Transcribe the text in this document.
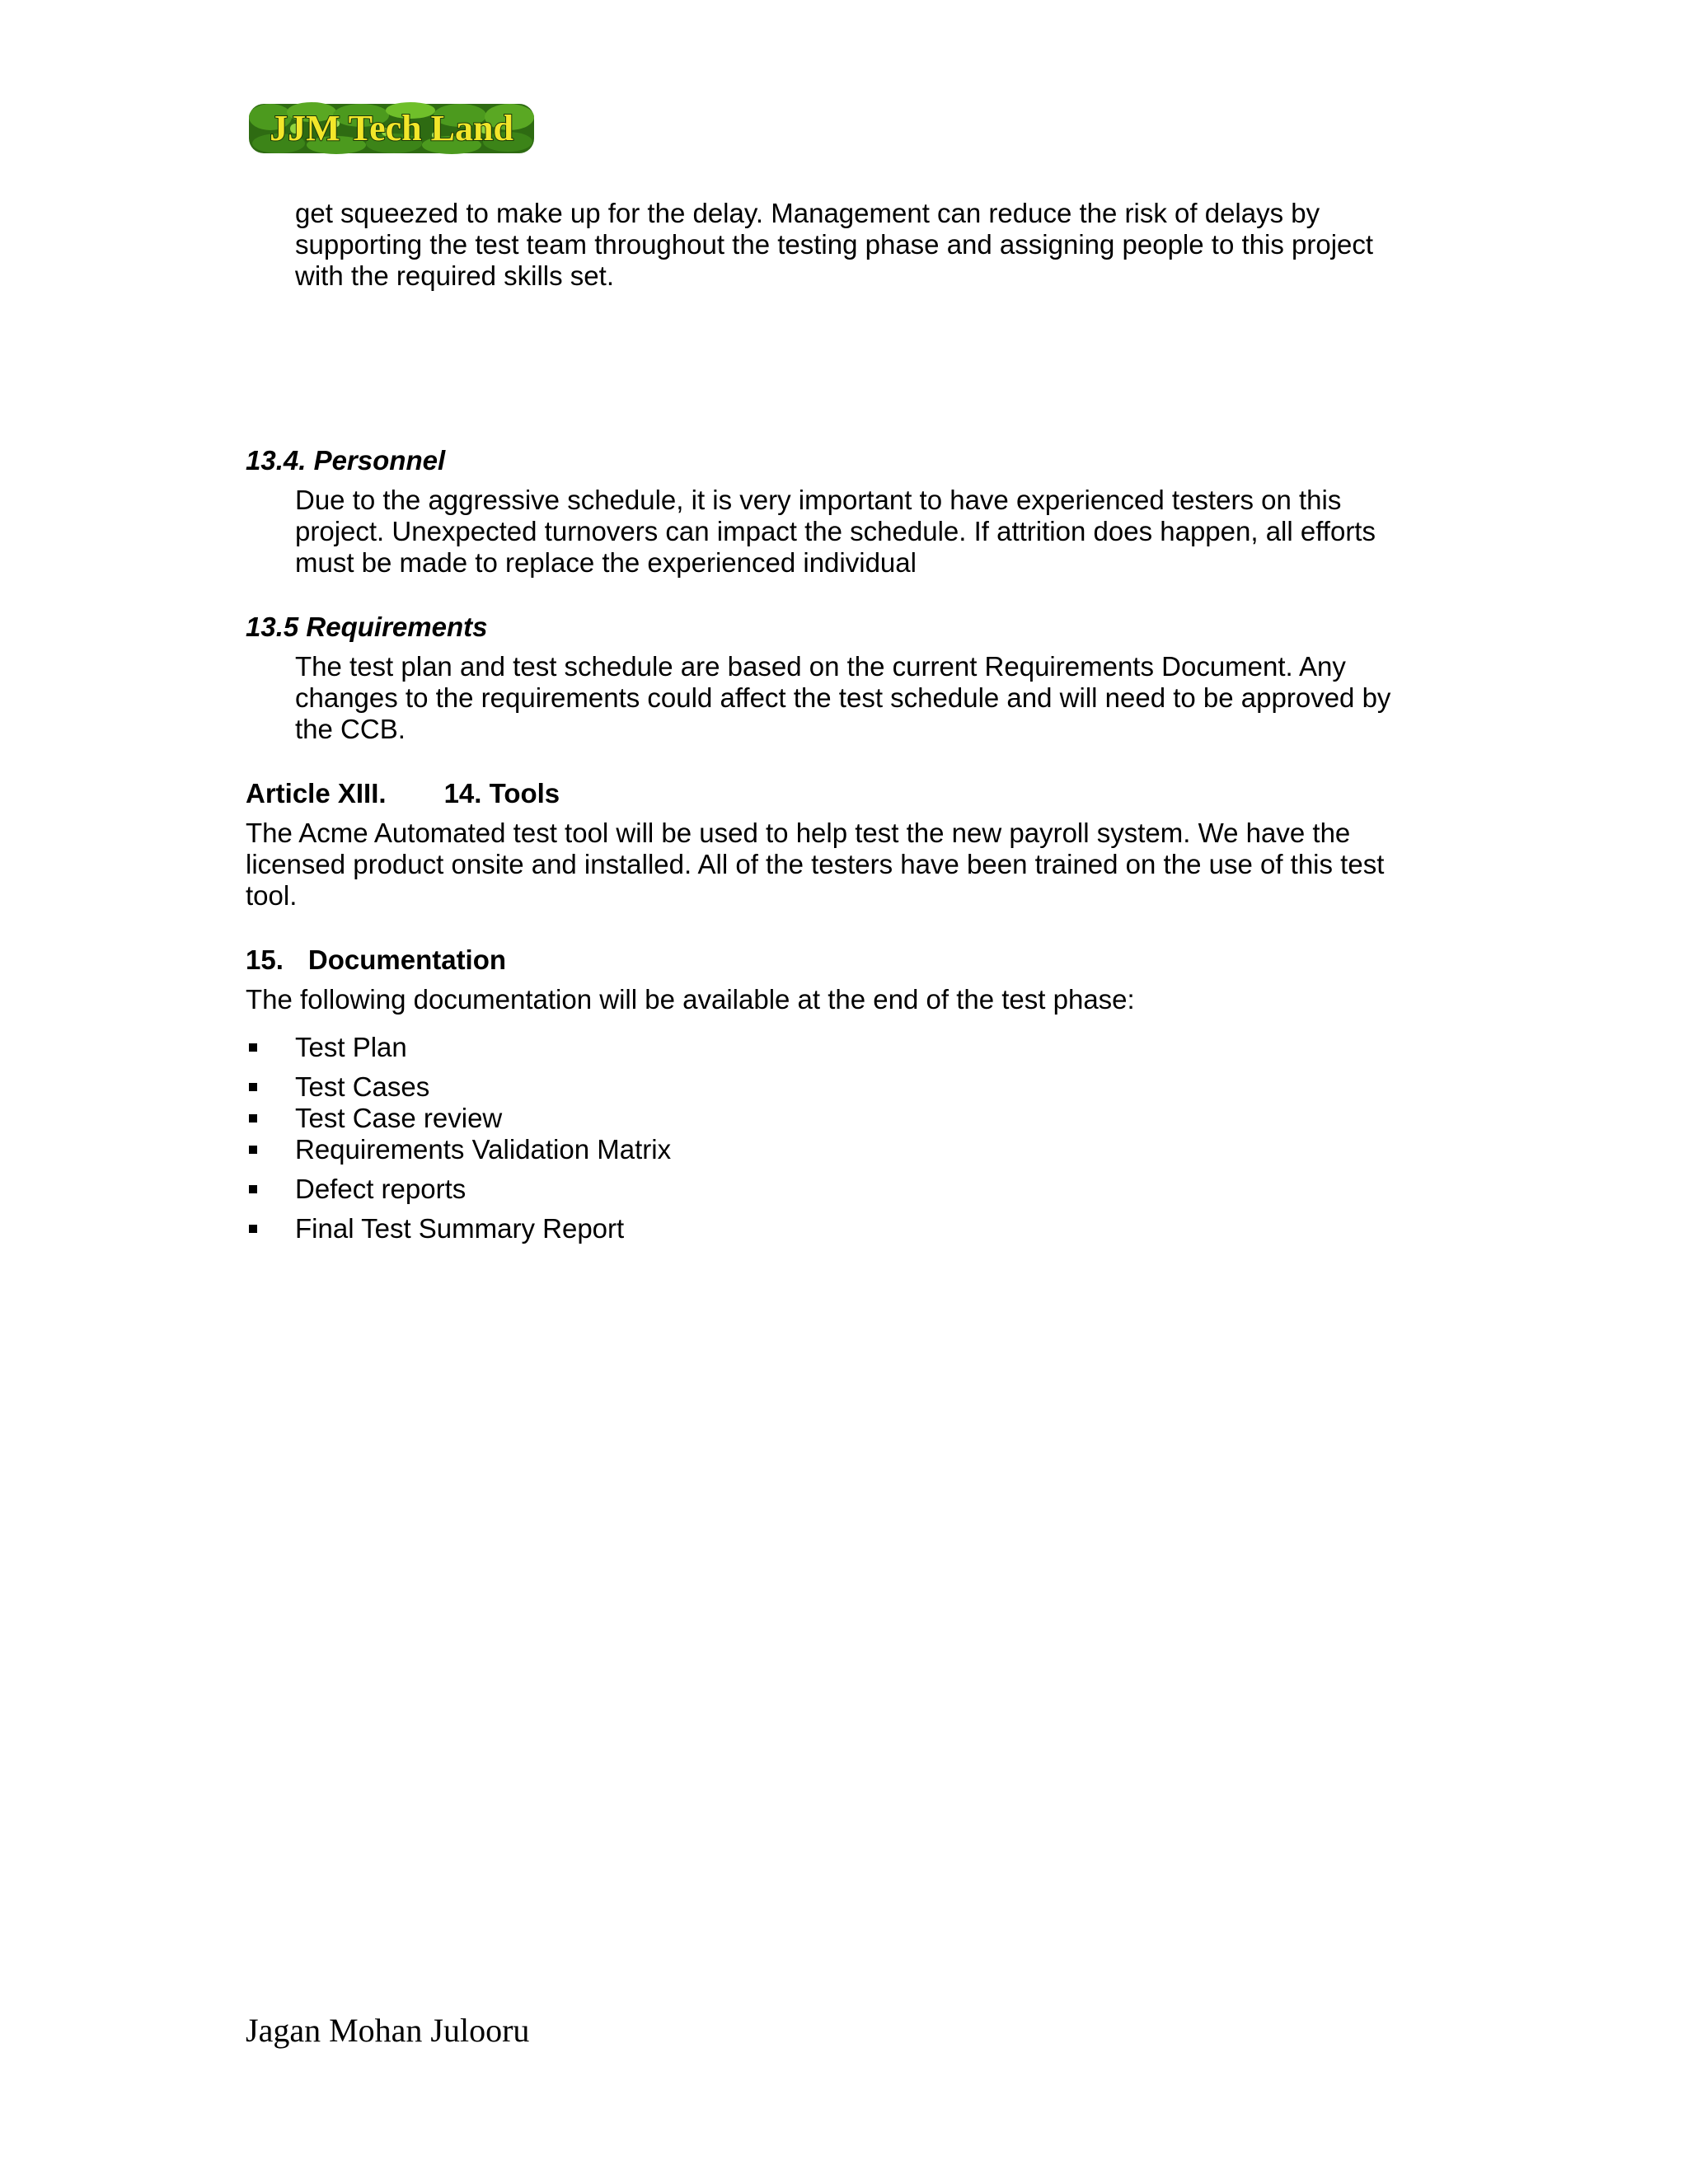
JJM Tech Land

get squeezed to make up for the delay. Management can reduce the risk of delays by

supporting the test team throughout the testing phase and assigning people to this project

with the required skills set.

13.4. Personnel

Due to the aggressive schedule, it is very important to have experienced testers on this

project. Unexpected turnovers can impact the schedule. If attrition does happen, all efforts

must be made to replace the experienced individual

13.5 Requirements

The test plan and test schedule are based on the current Requirements Document. Any

changes to the requirements could affect the test schedule and will need to be approved by

the CCB.

Article XIII. 14. Tools

The Acme Automated test tool will be used to help test the new payroll system. We have the

licensed product onsite and installed. All of the testers have been trained on the use of this test

tool.

15. Documentation

The following documentation will be available at the end of the test phase:

Test Plan
Test Cases
Test Case review
Requirements Validation Matrix
Defect reports
Final Test Summary Report
Jagan Mohan Julooru
